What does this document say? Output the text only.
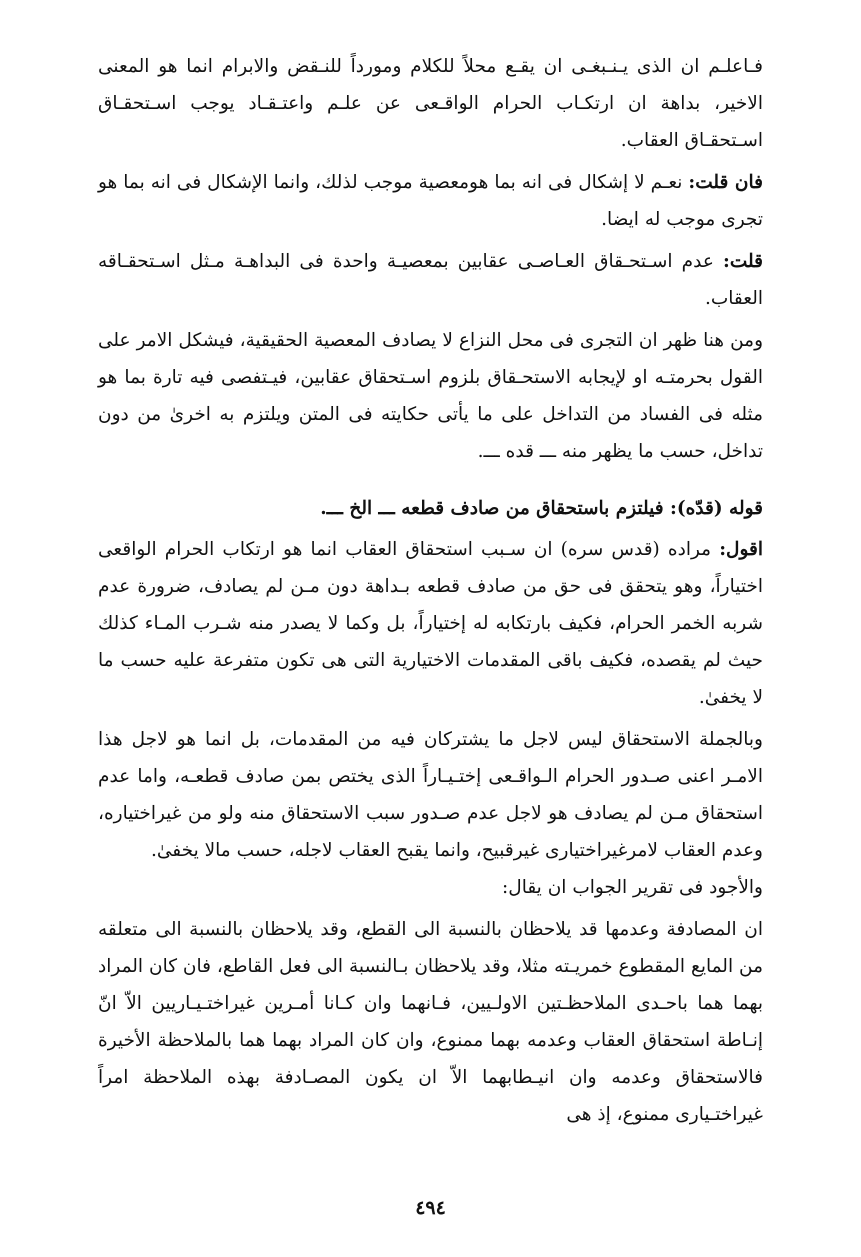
فـاعلـم ان الذى يـنـبغـى ان يقـع محلاً للكلام ومورداً للنـقض والابرام انما هو المعنى الاخير، بداهة ان ارتكـاب الحرام الواقـعى عن علـم واعتـقـاد يوجب اسـتحقـاق اسـتحقـاق العقاب.

فان قلت: نعـم لا إشكال فى انه بما هومعصية موجب لذلك، وانما الإشكال فى انه بما هو تجرى موجب له ايضا.

قلت: عدم اسـتحـقاق العـاصـى عقابين بمعصيـة واحدة فى البداهـة مـثل اسـتحقـاقه العقاب.

ومن هنا ظهر ان التجرى فى محل النزاع لا يصادف المعصية الحقيقية، فيشكل الامر على القول بحرمتـه او لإيجابه الاستحـقاق بلزوم اسـتحقاق عقابين، فيـتفصى فيه تارة بما هو مثله فى الفساد من التداخل على ما يأتى حكايته فى المتن ويلتزم به اخرىٰ من دون تداخل، حسب ما يظهر منه ـــ قده ـــ.

قوله (قدّه): فيلتزم باستحقاق من صادف قطعه ـــ الخ ـــ.

اقول: مراده (قدس سره) ان سـبب استحقاق العقاب انما هو ارتكاب الحرام الواقعى اختياراً، وهو يتحقق فى حق من صادف قطعه بـداهة دون مـن لم يصادف، ضرورة عدم شربه الخمر الحرام، فكيف بارتكابه له إختياراً، بل وكما لا يصدر منه شـرب المـاء كذلك حيث لم يقصده، فكيف باقى المقدمات الاختيارية التى هى تكون متفرعة عليه حسب ما لا يخفىٰ.

وبالجملة الاستحقاق ليس لاجل ما يشتركان فيه من المقدمات، بل انما هو لاجل هذا الامـر اعنى صـدور الحرام الـواقـعى إختـيـاراً الذى يختص بمن صادف قطعـه، واما عدم استحقاق مـن لم يصادف هو لاجل عدم صـدور سبب الاستحقاق منه ولو من غيراختياره، وعدم العقاب لامرغيراختيارى غيرقبيح، وانما يقبح العقاب لاجله، حسب مالا يخفىٰ.

والأجود فى تقرير الجواب ان يقال:

ان المصادفة وعدمها قد يلاحظان بالنسبة الى القطع، وقد يلاحظان بالنسبة الى متعلقه من المايع المقطوع خمريـته مثلا، وقد يلاحظان بـالنسبة الى فعل القاطع، فان كان المراد بهما هما باحـدى الملاحظـتين الاولـيين، فـانهما وان كـانا أمـرين غيراختـيـاريين الاّ انّ إنـاطة استحقاق العقاب وعدمه بهما ممنوع، وان كان المراد بهما هما بالملاحظة الأخيرة فالاستحقاق وعدمه وان انيـطابهما الاّ ان يكون المصـادفة بهذه الملاحظة امراً غيراختـيارى ممنوع، إذ هى

٤٩٤
